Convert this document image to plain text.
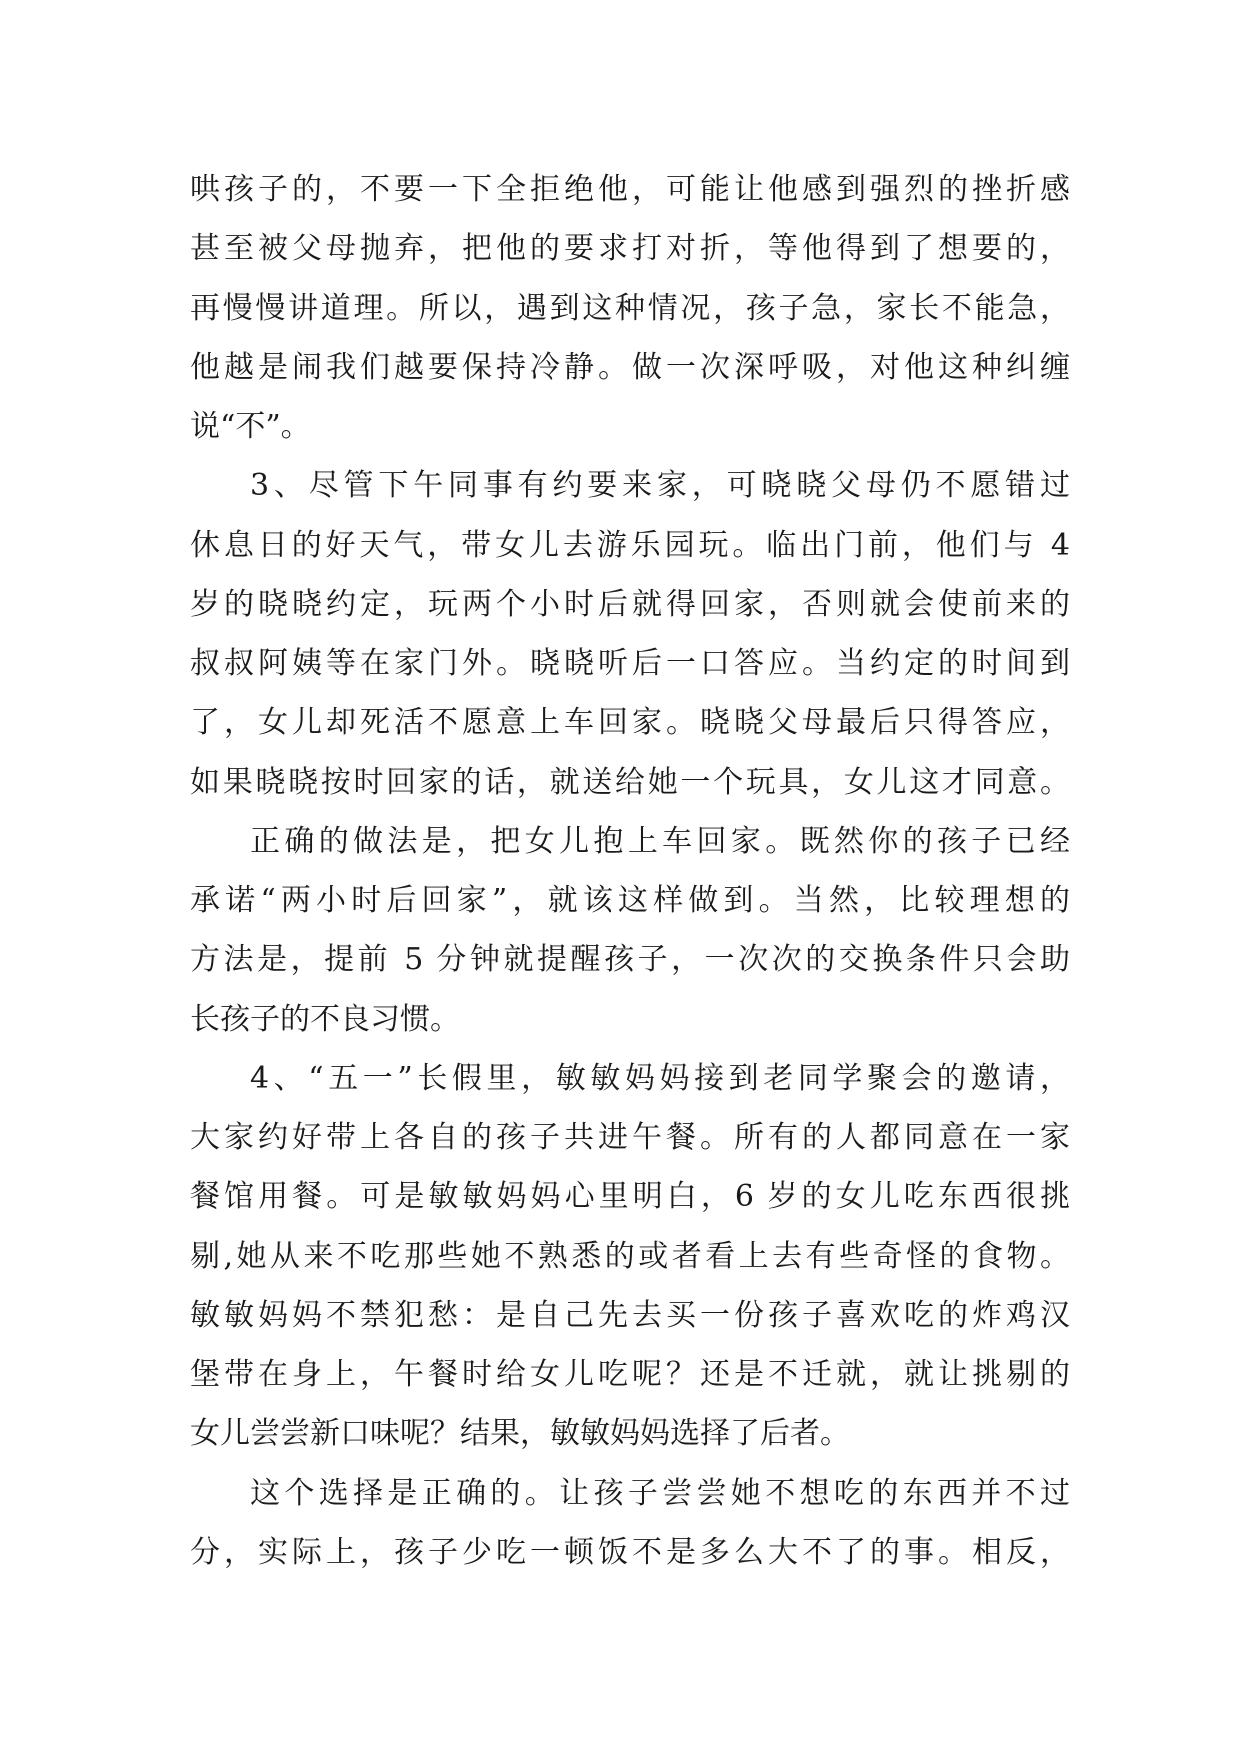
哄孩子的，不要一下全拒绝他，可能让他感到强烈的挫折感
甚至被父母抛弃，把他的要求打对折，等他得到了想要的，
再慢慢讲道理。所以，遇到这种情况，孩子急，家长不能急，
他越是闹我们越要保持冷静。做一次深呼吸，对他这种纠缠
说“不”。
3、尽管下午同事有约要来家，可晓晓父母仍不愿错过
休息日的好天气，带女儿去游乐园玩。临出门前，他们与 4
岁的晓晓约定，玩两个小时后就得回家，否则就会使前来的
叔叔阿姨等在家门外。晓晓听后一口答应。当约定的时间到
了，女儿却死活不愿意上车回家。晓晓父母最后只得答应，
如果晓晓按时回家的话，就送给她一个玩具，女儿这才同意。
正确的做法是，把女儿抱上车回家。既然你的孩子已经
承诺“两小时后回家”，就该这样做到。当然，比较理想的
方法是，提前 5 分钟就提醒孩子，一次次的交换条件只会助
长孩子的不良习惯。
4、“五一”长假里，敏敏妈妈接到老同学聚会的邀请，
大家约好带上各自的孩子共进午餐。所有的人都同意在一家
餐馆用餐。可是敏敏妈妈心里明白，6 岁的女儿吃东西很挑
剔,她从来不吃那些她不熟悉的或者看上去有些奇怪的食物。
敏敏妈妈不禁犯愁：是自己先去买一份孩子喜欢吃的炸鸡汉
堡带在身上，午餐时给女儿吃呢？还是不迁就，就让挑剔的
女儿尝尝新口味呢？结果，敏敏妈妈选择了后者。
这个选择是正确的。让孩子尝尝她不想吃的东西并不过
分，实际上，孩子少吃一顿饭不是多么大不了的事。相反，
